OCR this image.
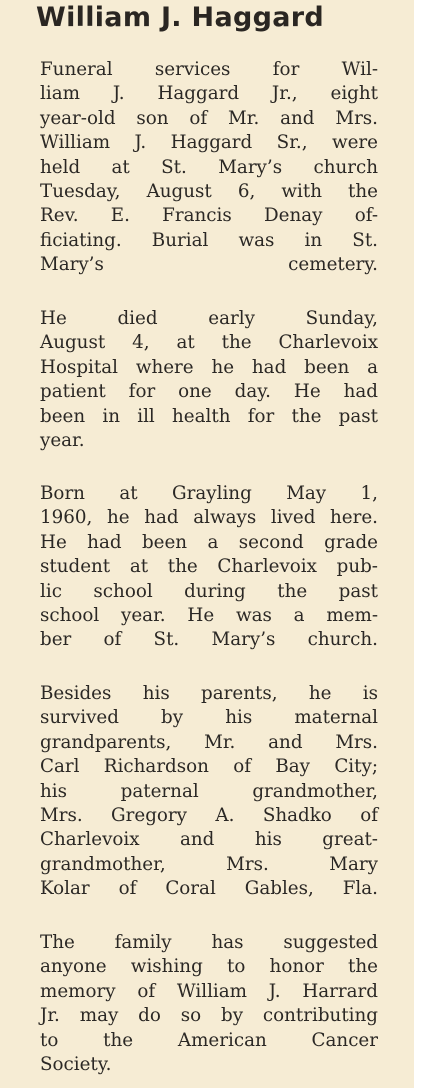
William J. Haggard

Funeral services for Wil-
liam J. Haggard Jr., eight
year-old son of Mr. and Mrs.
William J. Haggard Sr., were
held at St. Mary’s church
Tuesday, August 6, with the
Rev. E. Francis Denay of-
ficiating. Burial was in St.
Mary’s cemetery.

He died early Sunday,
August 4, at the Charlevoix
Hospital where he had been a
patient for one day. He had
been in ill health for the past
year.

Born at Grayling May 1,
1960, he had always lived here.
He had been a second grade
student at the Charlevoix pub-
lic school during the past
school year. He was a mem-
ber of St. Mary’s church.

Besides his parents, he is
survived by his maternal
grandparents, Mr. and Mrs.
Carl Richardson of Bay City;
his paternal grandmother,
Mrs. Gregory A. Shadko of
Charlevoix and his great-
grandmother, Mrs. Mary
Kolar of Coral Gables, Fla.

The family has suggested
anyone wishing to honor the
memory of William J. Harrard
Jr. may do so by contributing
to the American Cancer
Society.
